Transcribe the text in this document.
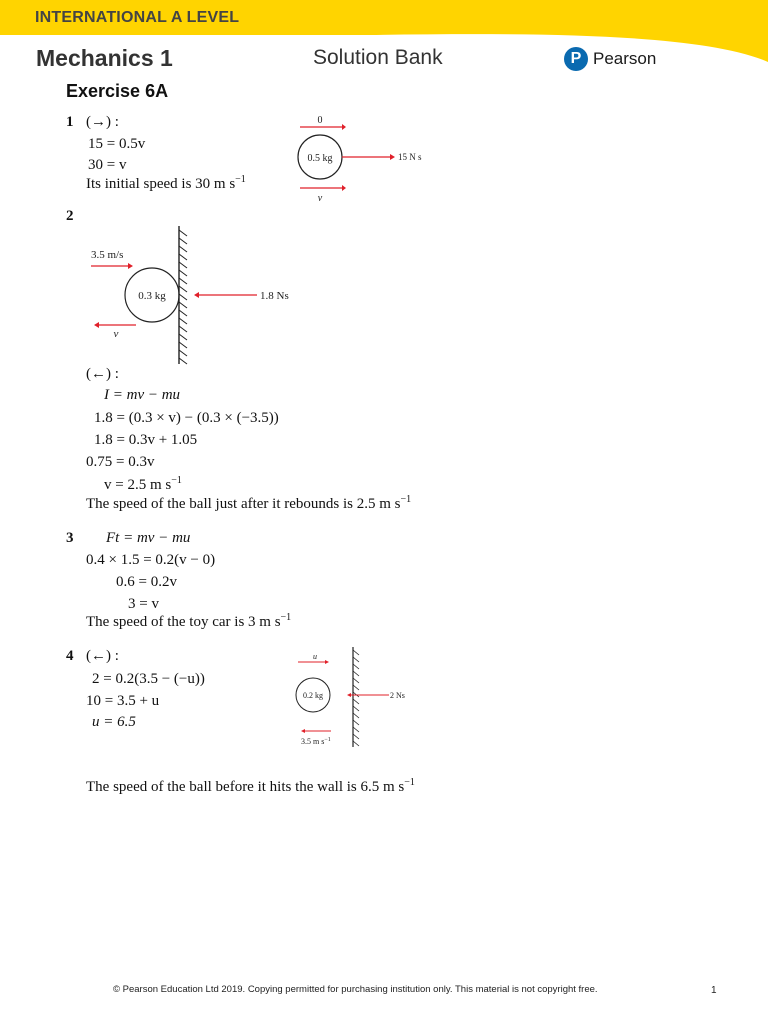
INTERNATIONAL A LEVEL
Mechanics 1	Solution Bank	P Pearson
Exercise 6A
1 (→) :
15 = 0.5v
30 = v
Its initial speed is 30 m $s^{-1}$
0
0.5 kg	15 N s
v
2
3.5 m/s
0.3 kg	1.8 Ns
v
(←) :
I = mv − mu
1.8 = (0.3 × v) − (0.3 × (−3.5))
1.8 = 0.3v + 1.05
0.75 = 0.3v
v = 2.5 m $s^{-1}$
The speed of the ball just after it rebounds is 2.5 m $s^{-1}$
3 Ft = mv − mu
0.4 × 1.5 = 0.2(v − 0)
0.6 = 0.2v
3 = v
The speed of the toy car is 3 m $s^{-1}$
4 (←) :
2 = 0.2(3.5 − (−u))
10 = 3.5 + u
u = 6.5
u
0.2 kg	2 Ns
3.5 m $s^{-1}$
The speed of the ball before it hits the wall is 6.5 m $s^{-1}$
© Pearson Education Ltd 2019. Copying permitted for purchasing institution only. This material is not copyright free.	1
